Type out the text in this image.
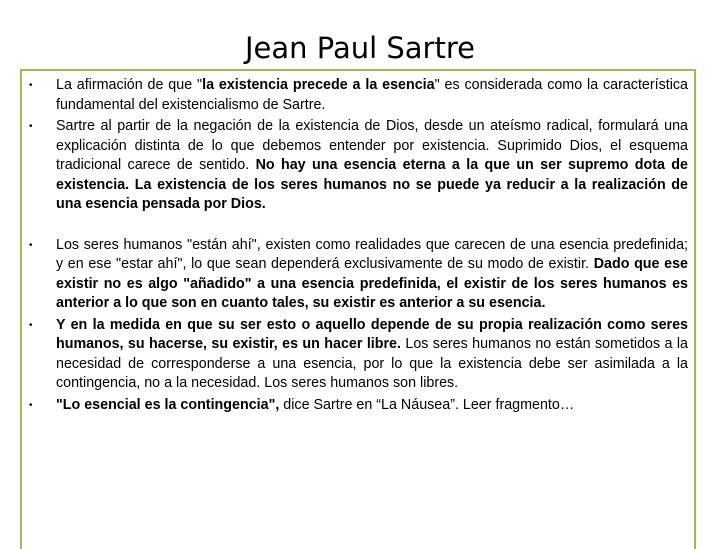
Jean Paul Sartre
• La afirmación de que "la existencia precede a la esencia" es considerada como la característica fundamental del existencialismo de Sartre.
• Sartre al partir de la negación de la existencia de Dios, desde un ateísmo radical, formulará una explicación distinta de lo que debemos entender por existencia. Suprimido Dios, el esquema tradicional carece de sentido. No hay una esencia eterna a la que un ser supremo dota de existencia. La existencia de los seres humanos no se puede ya reducir a la realización de una esencia pensada por Dios.
• Los seres humanos "están ahí", existen como realidades que carecen de una esencia predefinida; y en ese "estar ahí", lo que sean dependerá exclusivamente de su modo de existir. Dado que ese existir no es algo "añadido" a una esencia predefinida, el existir de los seres humanos es anterior a lo que son en cuanto tales, su existir es anterior a su esencia.
• Y en la medida en que su ser esto o aquello depende de su propia realización como seres humanos, su hacerse, su existir, es un hacer libre. Los seres humanos no están sometidos a la necesidad de corresponderse a una esencia, por lo que la existencia debe ser asimilada a la contingencia, no a la necesidad. Los seres humanos son libres.
• "Lo esencial es la contingencia", dice Sartre en “La Náusea”. Leer fragmento…
